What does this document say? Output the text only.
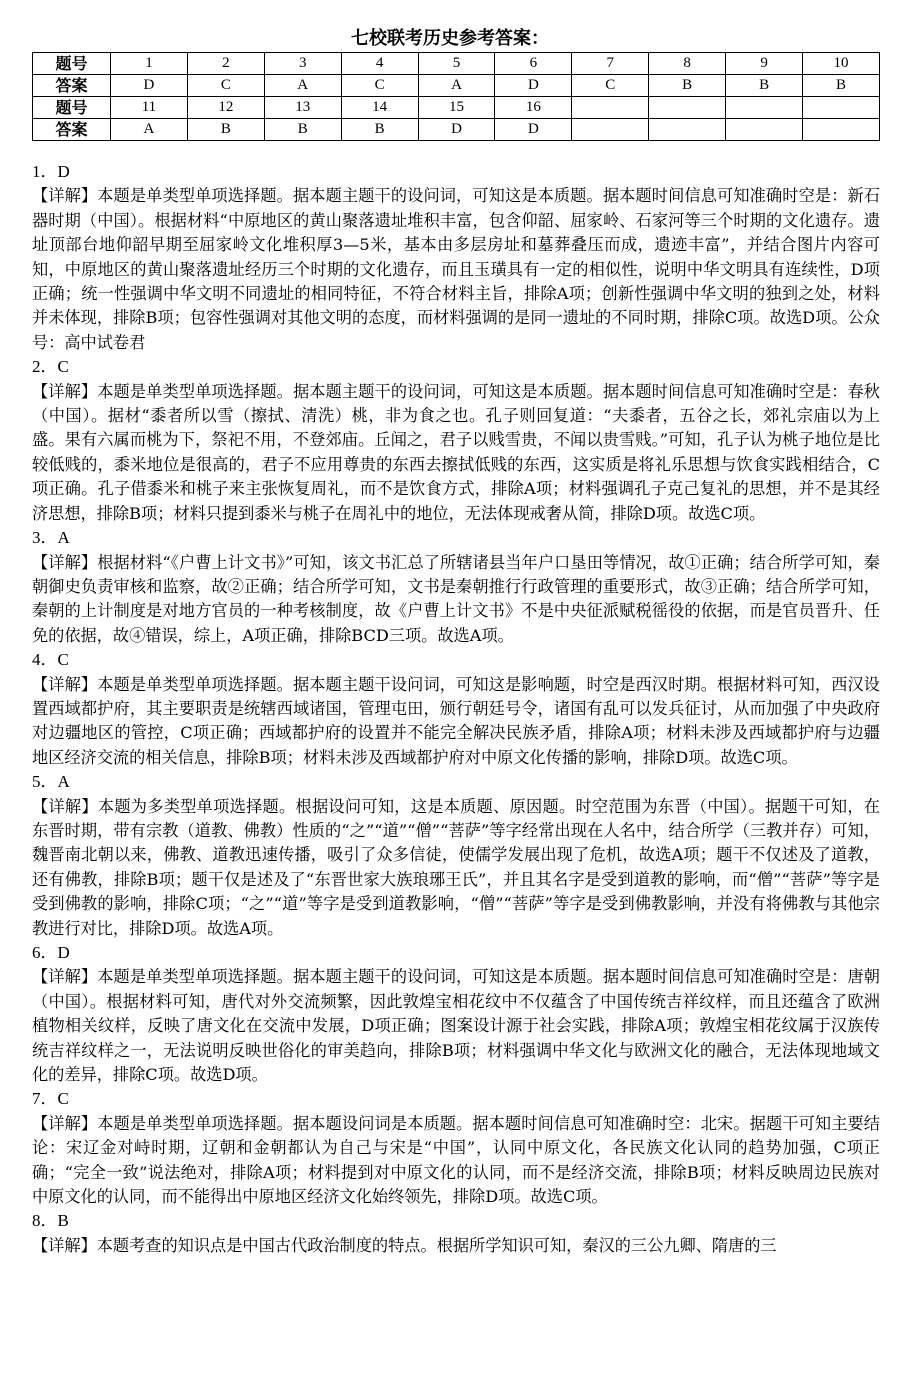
七校联考历史参考答案：
题号	1	2	3	4	5	6	7	8	9	10
答案	D	C	A	C	A	D	C	B	B	B
题号	11	12	13	14	15	16				
答案	A	B	B	B	D	D				
1．D
【详解】本题是单类型单项选择题。据本题主题干的设问词，可知这是本质题。据本题时间信息可知准确时空是：新石器时期（中国）。根据材料“中原地区的黄山聚落遗址堆积丰富，包含仰韶、屈家岭、石家河等三个时期的文化遗存。遗址顶部台地仰韶早期至屈家岭文化堆积厚3—5米，基本由多层房址和墓葬叠压而成，遗迹丰富”，并结合图片内容可知，中原地区的黄山聚落遗址经历三个时期的文化遗存，而且玉璜具有一定的相似性，说明中华文明具有连续性，D项正确；统一性强调中华文明不同遗址的相同特征，不符合材料主旨，排除A项；创新性强调中华文明的独到之处，材料并未体现，排除B项；包容性强调对其他文明的态度，而材料强调的是同一遗址的不同时期，排除C项。故选D项。公众号：高中试卷君
2．C
【详解】本题是单类型单项选择题。据本题主题干的设问词，可知这是本质题。据本题时间信息可知准确时空是：春秋（中国）。据材“黍者所以雪（擦拭、清洗）桃，非为食之也。孔子则回复道：“夫黍者，五谷之长，郊礼宗庙以为上盛。果有六属而桃为下，祭祀不用，不登郊庙。丘闻之，君子以贱雪贵，不闻以贵雪贱。”可知，孔子认为桃子地位是比较低贱的，黍米地位是很高的，君子不应用尊贵的东西去擦拭低贱的东西，这实质是将礼乐思想与饮食实践相结合，C项正确。孔子借黍米和桃子来主张恢复周礼，而不是饮食方式，排除A项；材料强调孔子克己复礼的思想，并不是其经济思想，排除B项；材料只提到黍米与桃子在周礼中的地位，无法体现戒奢从简，排除D项。故选C项。
3．A
【详解】根据材料“《户曹上计文书》”可知，该文书汇总了所辖诸县当年户口垦田等情况，故①正确；结合所学可知，秦朝御史负责审核和监察，故②正确；结合所学可知，文书是秦朝推行行政管理的重要形式，故③正确；结合所学可知，秦朝的上计制度是对地方官员的一种考核制度，故《户曹上计文书》不是中央征派赋税徭役的依据，而是官员晋升、任免的依据，故④错误，综上，A项正确，排除BCD三项。故选A项。
4．C
【详解】本题是单类型单项选择题。据本题主题干设问词，可知这是影响题，时空是西汉时期。根据材料可知，西汉设置西域都护府，其主要职责是统辖西域诸国，管理屯田，颁行朝廷号令，诸国有乱可以发兵征讨，从而加强了中央政府对边疆地区的管控，C项正确；西域都护府的设置并不能完全解决民族矛盾，排除A项；材料未涉及西域都护府与边疆地区经济交流的相关信息，排除B项；材料未涉及西域都护府对中原文化传播的影响，排除D项。故选C项。
5．A
【详解】本题为多类型单项选择题。根据设问可知，这是本质题、原因题。时空范围为东晋（中国）。据题干可知，在东晋时期，带有宗教（道教、佛教）性质的“之”“道”“僧”“菩萨”等字经常出现在人名中，结合所学（三教并存）可知，魏晋南北朝以来，佛教、道教迅速传播，吸引了众多信徒，使儒学发展出现了危机，故选A项；题干不仅述及了道教，还有佛教，排除B项；题干仅是述及了“东晋世家大族琅琊王氏”，并且其名字是受到道教的影响，而“僧”“菩萨”等字是受到佛教的影响，排除C项；“之”“道”等字是受到道教影响，“僧”“菩萨”等字是受到佛教影响，并没有将佛教与其他宗教进行对比，排除D项。故选A项。
6．D
【详解】本题是单类型单项选择题。据本题主题干的设问词，可知这是本质题。据本题时间信息可知准确时空是：唐朝（中国）。根据材料可知，唐代对外交流频繁，因此敦煌宝相花纹中不仅蕴含了中国传统吉祥纹样，而且还蕴含了欧洲植物相关纹样，反映了唐文化在交流中发展，D项正确；图案设计源于社会实践，排除A项；敦煌宝相花纹属于汉族传统吉祥纹样之一，无法说明反映世俗化的审美趋向，排除B项；材料强调中华文化与欧洲文化的融合，无法体现地域文化的差异，排除C项。故选D项。
7．C
【详解】本题是单类型单项选择题。据本题设问词是本质题。据本题时间信息可知准确时空：北宋。据题干可知主要结论：宋辽金对峙时期，辽朝和金朝都认为自己与宋是“中国”，认同中原文化，各民族文化认同的趋势加强，C项正确；“完全一致”说法绝对，排除A项；材料提到对中原文化的认同，而不是经济交流，排除B项；材料反映周边民族对中原文化的认同，而不能得出中原地区经济文化始终领先，排除D项。故选C项。
8．B
【详解】本题考查的知识点是中国古代政治制度的特点。根据所学知识可知，秦汉的三公九卿、隋唐的三
